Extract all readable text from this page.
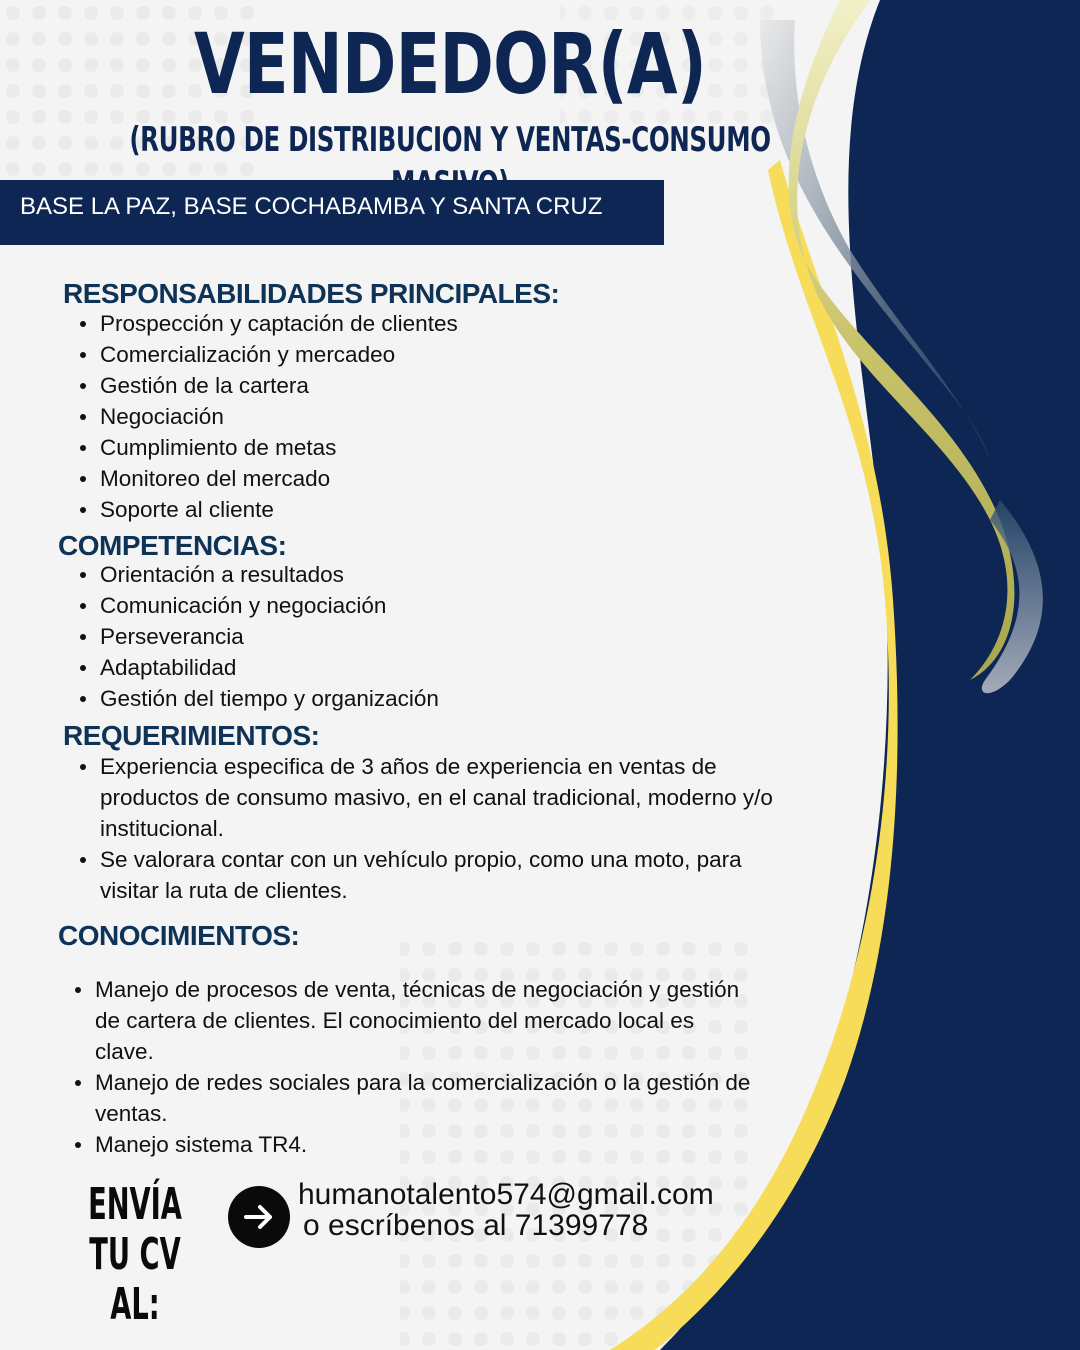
VENDEDOR(A)
(RUBRO DE DISTRIBUCION Y VENTAS-CONSUMO
BASE LA PAZ, BASE COCHABAMBA Y SANTA CRUZ
RESPONSABILIDADES PRINCIPALES:
Prospección y captación de clientes
Comercialización y mercadeo
Gestión de la cartera
Negociación
Cumplimiento de metas
Monitoreo del mercado
Soporte al cliente
COMPETENCIAS:
Orientación a resultados
Comunicación y negociación
Perseverancia
Adaptabilidad
Gestión del tiempo y organización
REQUERIMIENTOS:
Experiencia especifica de 3 años de experiencia en ventas de productos de consumo masivo, en el canal tradicional, moderno y/o institucional.
Se valorara contar con un vehículo propio, como una moto, para visitar la ruta de clientes.
CONOCIMIENTOS:
Manejo de procesos de venta, técnicas de negociación y gestión de cartera de clientes. El conocimiento del mercado local es clave.
Manejo de redes sociales para la comercialización o la gestión de ventas.
Manejo sistema TR4.
ENVÍA TU CV
AL:
humanotalento574@gmail.com
o escríbenos al 71399778
